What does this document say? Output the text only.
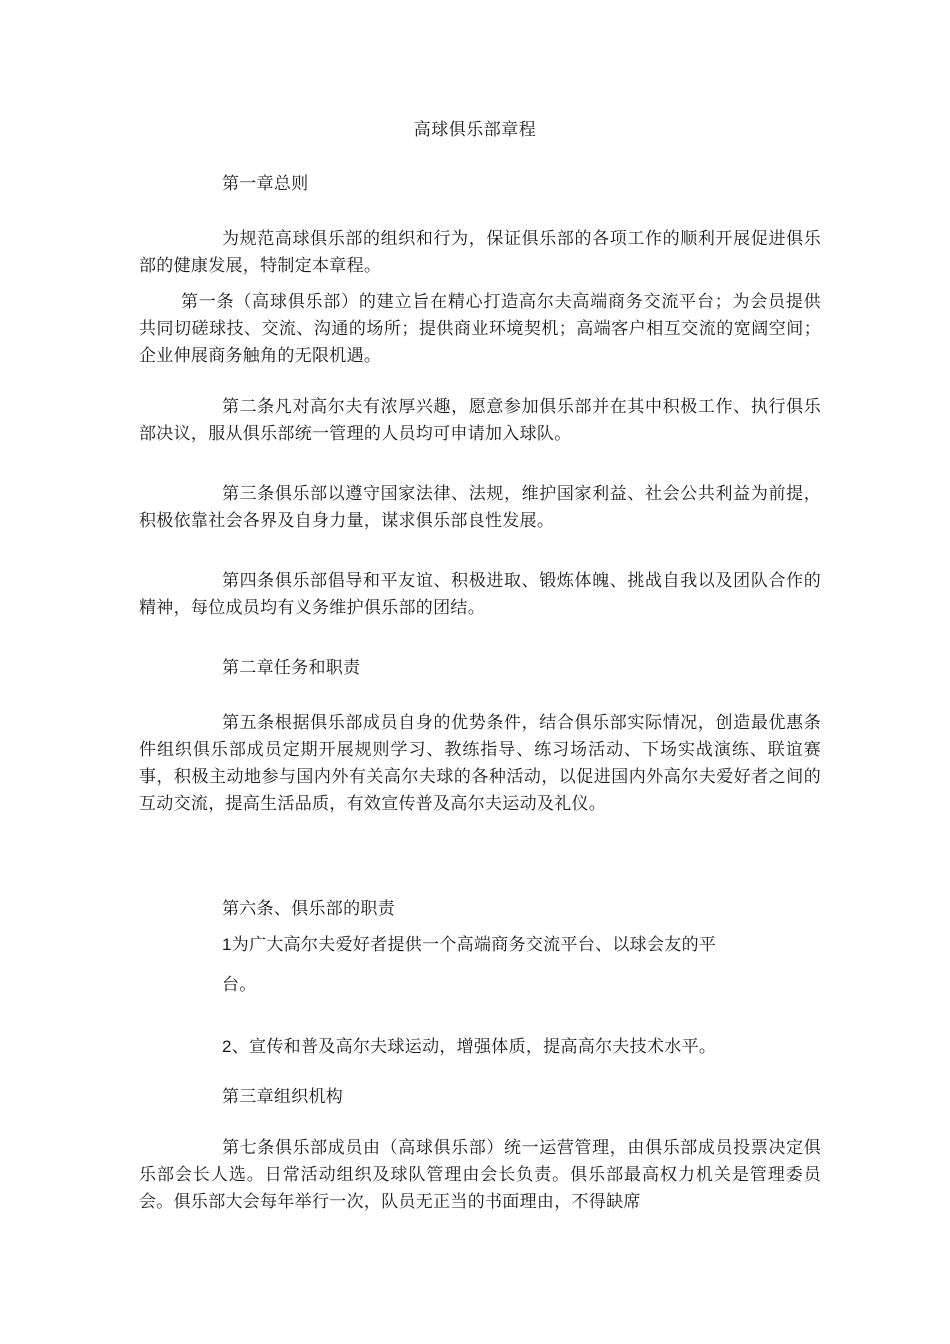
高球俱乐部章程

第一章总则

为规范高球俱乐部的组织和行为，保证俱乐部的各项工作的顺利开展促进俱乐部的健康发展，特制定本章程。

第一条（高球俱乐部）的建立旨在精心打造高尔夫高端商务交流平台；为会员提供共同切磋球技、交流、沟通的场所；提供商业环境契机；高端客户相互交流的宽阔空间；企业伸展商务触角的无限机遇。

第二条凡对高尔夫有浓厚兴趣，愿意参加俱乐部并在其中积极工作、执行俱乐部决议，服从俱乐部统一管理的人员均可申请加入球队。

第三条俱乐部以遵守国家法律、法规，维护国家利益、社会公共利益为前提，积极依靠社会各界及自身力量，谋求俱乐部良性发展。

第四条俱乐部倡导和平友谊、积极进取、锻炼体魄、挑战自我以及团队合作的精神，每位成员均有义务维护俱乐部的团结。

第二章任务和职责

第五条根据俱乐部成员自身的优势条件，结合俱乐部实际情况，创造最优惠条件组织俱乐部成员定期开展规则学习、教练指导、练习场活动、下场实战演练、联谊赛事，积极主动地参与国内外有关高尔夫球的各种活动，以促进国内外高尔夫爱好者之间的互动交流，提高生活品质，有效宣传普及高尔夫运动及礼仪。

第六条、俱乐部的职责

1为广大高尔夫爱好者提供一个高端商务交流平台、以球会友的平

台。

2、宣传和普及高尔夫球运动，增强体质，提高高尔夫技术水平。

第三章组织机构

第七条俱乐部成员由（高球俱乐部）统一运营管理，由俱乐部成员投票决定俱乐部会长人选。日常活动组织及球队管理由会长负责。俱乐部最高权力机关是管理委员会。俱乐部大会每年举行一次，队员无正当的书面理由，不得缺席
